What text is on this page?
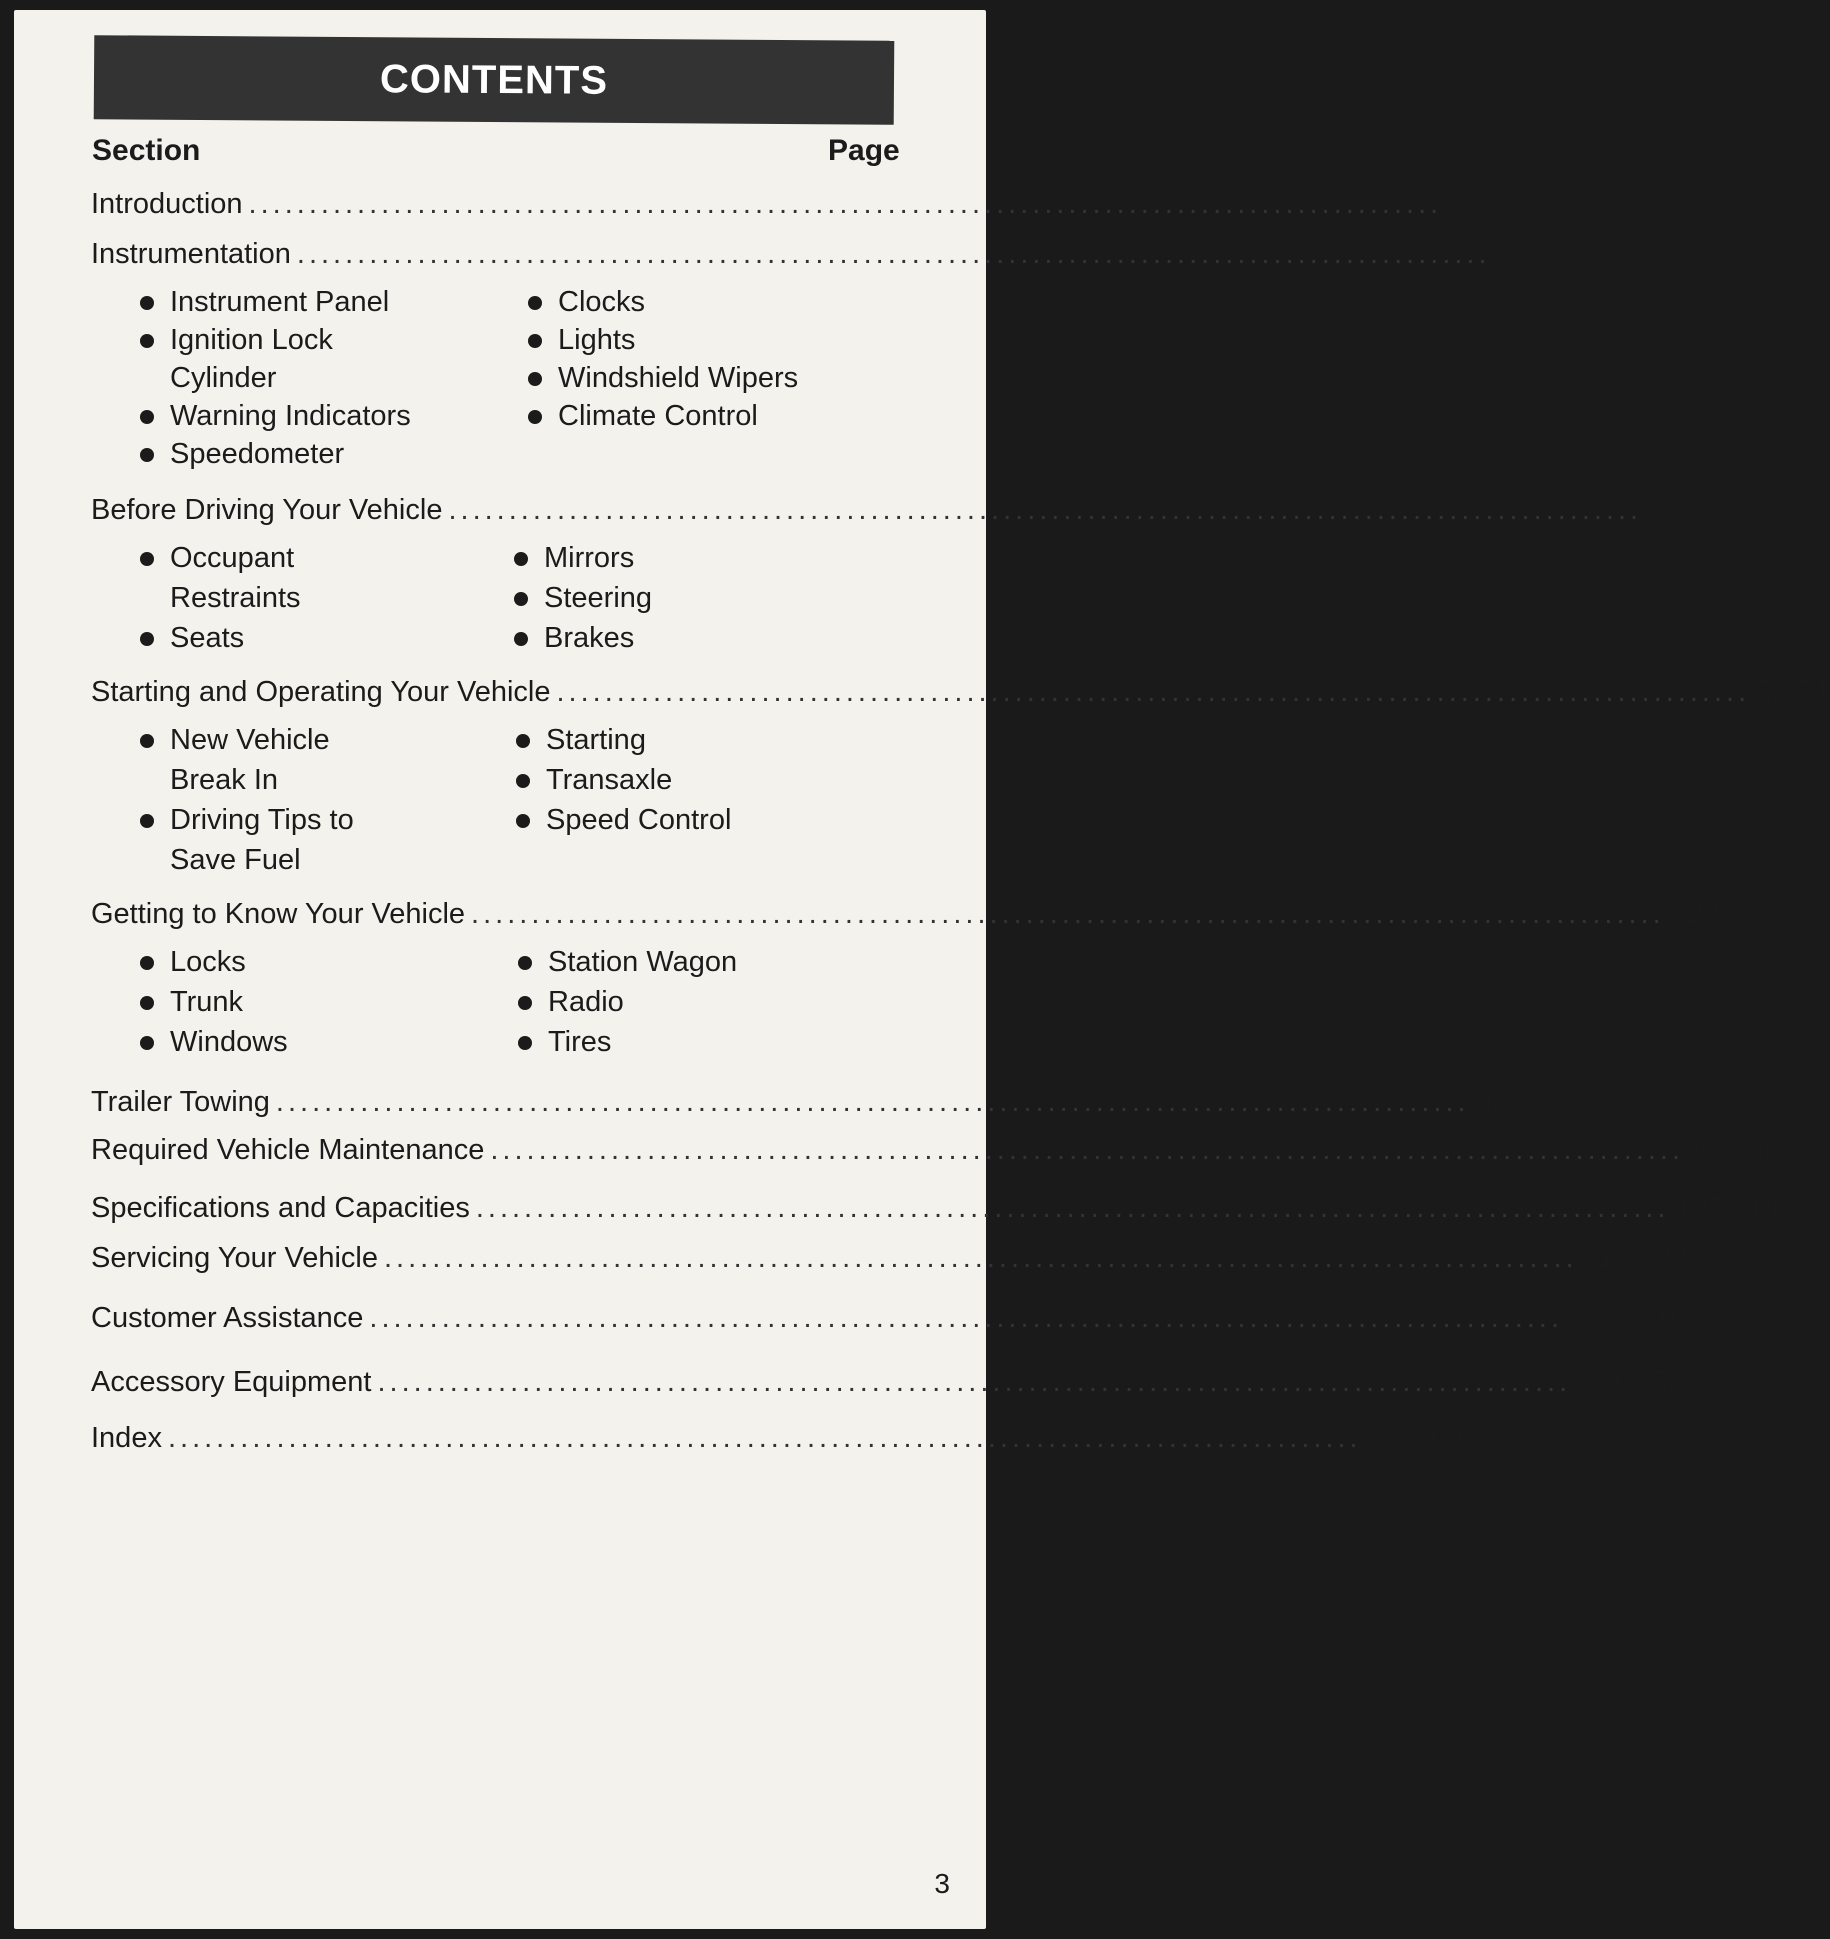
CONTENTS
Section	Page
Introduction ................................................................................................... 4-7
Instrumentation ................................................................................................... 8-33
Instrument Panel
Ignition Lock
Cylinder
Warning Indicators
Speedometer
Clocks
Lights
Windshield Wipers
Climate Control
Before Driving Your Vehicle ................................................................................................... 34-51
Occupant
Restraints
Seats
Mirrors
Steering
Brakes
Starting and Operating Your Vehicle ................................................................................................... 52-71
New Vehicle
Break In
Driving Tips to
Save Fuel
Starting
Transaxle
Speed Control
Getting to Know Your Vehicle ................................................................................................... 72-91
Locks
Trunk
Windows
Station Wagon
Radio
Tires
Trailer Towing ................................................................................................... 92-93
Required Vehicle Maintenance ................................................................................................... 94-106
Specifications and Capacities ................................................................................................... 107-114
Servicing Your Vehicle ................................................................................................... 115-132
Customer Assistance ................................................................................................... 133-140
Accessory Equipment ................................................................................................... 141-152
Index ................................................................................................... 153-156
3
